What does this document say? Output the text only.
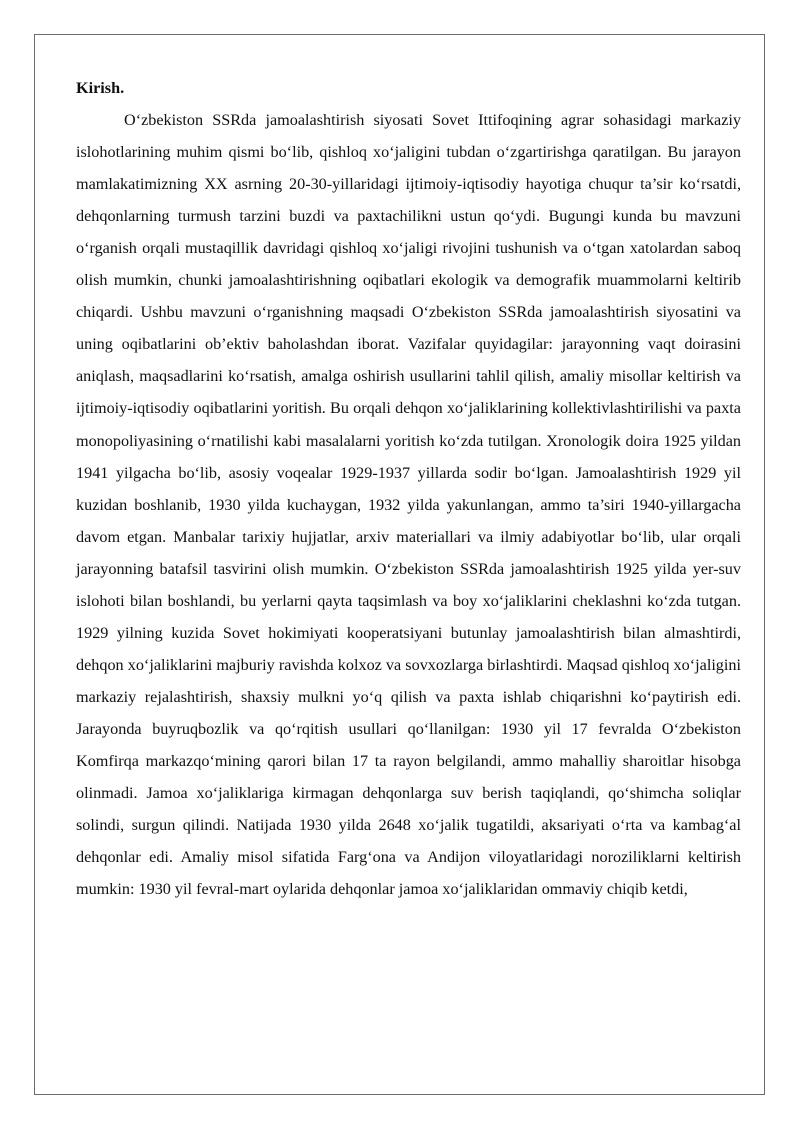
Kirish.

O‘zbekiston SSRda jamoalashtirish siyosati Sovet Ittifoqining agrar sohasidagi markaziy islohotlarining muhim qismi bo‘lib, qishloq xo‘jaligini tubdan o‘zgartirishga qaratilgan. Bu jarayon mamlakatimizning XX asrning 20-30-yillaridagi ijtimoiy-iqtisodiy hayotiga chuqur ta’sir ko‘rsatdi, dehqonlarning turmush tarzini buzdi va paxtachilikni ustun qo‘ydi. Bugungi kunda bu mavzuni o‘rganish orqali mustaqillik davridagi qishloq xo‘jaligi rivojini tushunish va o‘tgan xatolardan saboq olish mumkin, chunki jamoalashtirishning oqibatlari ekologik va demografik muammolarni keltirib chiqardi. Ushbu mavzuni o‘rganishning maqsadi O‘zbekiston SSRda jamoalashtirish siyosatini va uning oqibatlarini ob’ektiv baholashdan iborat. Vazifalar quyidagilar: jarayonning vaqt doirasini aniqlash, maqsadlarini ko‘rsatish, amalga oshirish usullarini tahlil qilish, amaliy misollar keltirish va ijtimoiy-iqtisodiy oqibatlarini yoritish. Bu orqali dehqon xo‘jaliklarining kollektivlashtirilishi va paxta monopoliyasining o‘rnatilishi kabi masalalarni yoritish ko‘zda tutilgan. Xronologik doira 1925 yildan 1941 yilgacha bo‘lib, asosiy voqealar 1929-1937 yillarda sodir bo‘lgan. Jamoalashtirish 1929 yil kuzidan boshlanib, 1930 yilda kuchaygan, 1932 yilda yakunlangan, ammo ta’siri 1940-yillargacha davom etgan. Manbalar tarixiy hujjatlar, arxiv materiallari va ilmiy adabiyotlar bo‘lib, ular orqali jarayonning batafsil tasvirini olish mumkin. O‘zbekiston SSRda jamoalashtirish 1925 yilda yer-suv islohoti bilan boshlandi, bu yerlarni qayta taqsimlash va boy xo‘jaliklarini cheklashni ko‘zda tutgan. 1929 yilning kuzida Sovet hokimiyati kooperatsiyani butunlay jamoalashtirish bilan almashtirdi, dehqon xo‘jaliklarini majburiy ravishda kolxoz va sovxozlarga birlashtirdi. Maqsad qishloq xo‘jaligini markaziy rejalashtirish, shaxsiy mulkni yo‘q qilish va paxta ishlab chiqarishni ko‘paytirish edi. Jarayonda buyruqbozlik va qo‘rqitish usullari qo‘llanilgan: 1930 yil 17 fevralda O‘zbekiston Komfirqa markazqo‘mining qarori bilan 17 ta rayon belgilandi, ammo mahalliy sharoitlar hisobga olinmadi. Jamoa xo‘jaliklariga kirmagan dehqonlarga suv berish taqiqlandi, qo‘shimcha soliqlar solindi, surgun qilindi. Natijada 1930 yilda 2648 xo‘jalik tugatildi, aksariyati o‘rta va kambag‘al dehqonlar edi. Amaliy misol sifatida Farg‘ona va Andijon viloyatlaridagi noroziliklarni keltirish mumkin: 1930 yil fevral-mart oylarida dehqonlar jamoa xo‘jaliklaridan ommaviy chiqib ketdi,
